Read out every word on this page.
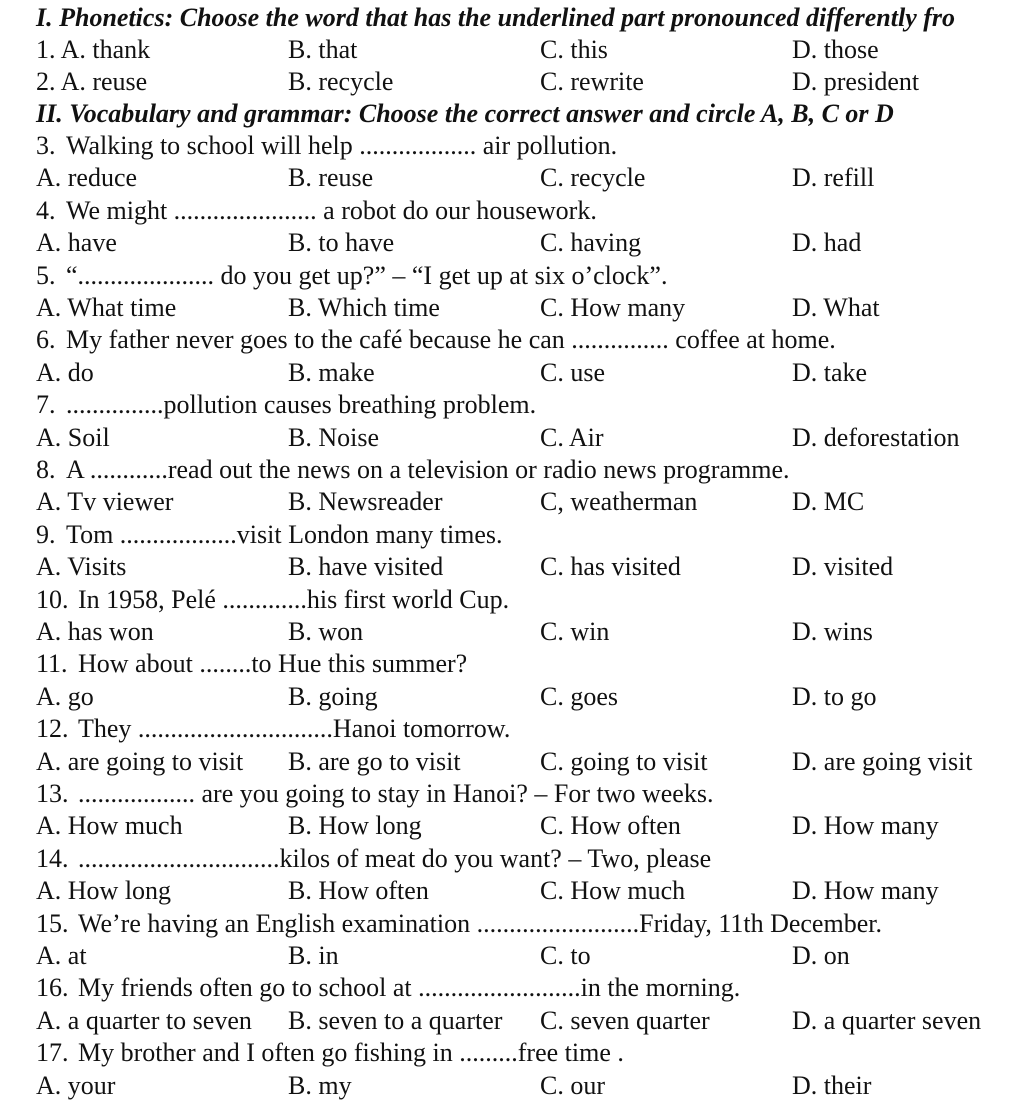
I. Phonetics: Choose the word that has the underlined part pronounced differently fro
1. A. thank	B. that	C. this	D. those
2. A. reuse	B. recycle	C. rewrite	D. president
II. Vocabulary and grammar: Choose the correct answer and circle A, B, C or D
3. Walking to school will help .................. air pollution.
A. reduce	B. reuse	C. recycle	D. refill
4. We might ...................... a robot do our housework.
A. have	B. to have	C. having	D. had
5. “..................... do you get up?” – “I get up at six o’clock”.
A. What time	B. Which time	C. How many	D. What
6. My father never goes to the café because he can ............... coffee at home.
A. do	B. make	C. use	D. take
7. ...............pollution causes breathing problem.
A. Soil	B. Noise	C. Air	D. deforestation
8. A ............read out the news on a television or radio news programme.
A. Tv viewer	B. Newsreader	C, weatherman	D. MC
9. Tom ..................visit London many times.
A. Visits	B. have visited	C. has visited	D. visited
10. In 1958, Pelé .............his first world Cup.
A. has won	B. won	C. win	D. wins
11. How about ........to Hue this summer?
A. go	B. going	C. goes	D. to go
12. They ..............................Hanoi tomorrow.
A. are going to visit B. are go to visit	C. going to visit	D. are going visit
13. .................. are you going to stay in Hanoi? – For two weeks.
A. How much	B. How long	C. How often	D. How many
14. ...............................kilos of meat do you want? – Two, please
A. How long	B. How often	C. How much	D. How many
15. We’re having an English examination .........................Friday, 11th December.
A. at	B. in	C. to	D. on
16. My friends often go to school at .........................in the morning.
A. a quarter to seven B. seven to a quarter C. seven quarter	D. a quarter seven
17. My brother and I often go fishing in .........free time .
A. your	B. my	C. our	D. their
